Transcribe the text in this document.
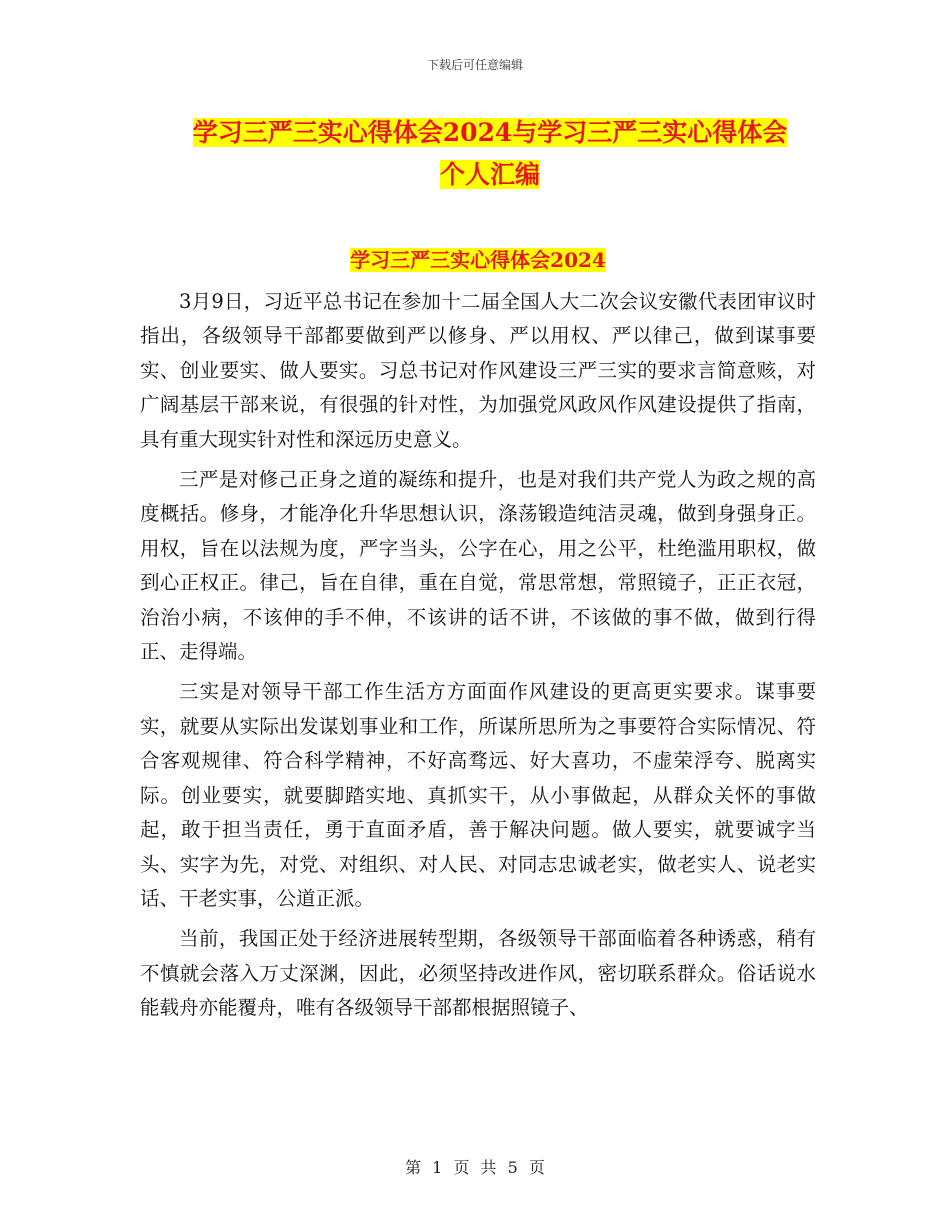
下载后可任意编辑
学习三严三实心得体会2024与学习三严三实心得体会
个人汇编
学习三严三实心得体会2024

3月9日，习近平总书记在参加十二届全国人大二次会议安徽代表团审议时指出，各级领导干部都要做到严以修身、严以用权、严以律己，做到谋事要实、创业要实、做人要实。习总书记对作风建设三严三实的要求言简意赅，对广阔基层干部来说，有很强的针对性，为加强党风政风作风建设提供了指南，具有重大现实针对性和深远历史意义。

三严是对修己正身之道的凝练和提升，也是对我们共产党人为政之规的高度概括。修身，才能净化升华思想认识，涤荡锻造纯洁灵魂，做到身强身正。用权，旨在以法规为度，严字当头，公字在心，用之公平，杜绝滥用职权，做到心正权正。律己，旨在自律，重在自觉，常思常想，常照镜子，正正衣冠，治治小病，不该伸的手不伸，不该讲的话不讲，不该做的事不做，做到行得正、走得端。

三实是对领导干部工作生活方方面面作风建设的更高更实要求。谋事要实，就要从实际出发谋划事业和工作，所谋所思所为之事要符合实际情况、符合客观规律、符合科学精神，不好高骛远、好大喜功，不虚荣浮夸、脱离实际。创业要实，就要脚踏实地、真抓实干，从小事做起，从群众关怀的事做起，敢于担当责任，勇于直面矛盾，善于解决问题。做人要实，就要诚字当头、实字为先，对党、对组织、对人民、对同志忠诚老实，做老实人、说老实话、干老实事，公道正派。

当前，我国正处于经济进展转型期，各级领导干部面临着各种诱惑，稍有不慎就会落入万丈深渊，因此，必须坚持改进作风，密切联系群众。俗话说水能载舟亦能覆舟，唯有各级领导干部都根据照镜子、

第 1 页 共 5 页
